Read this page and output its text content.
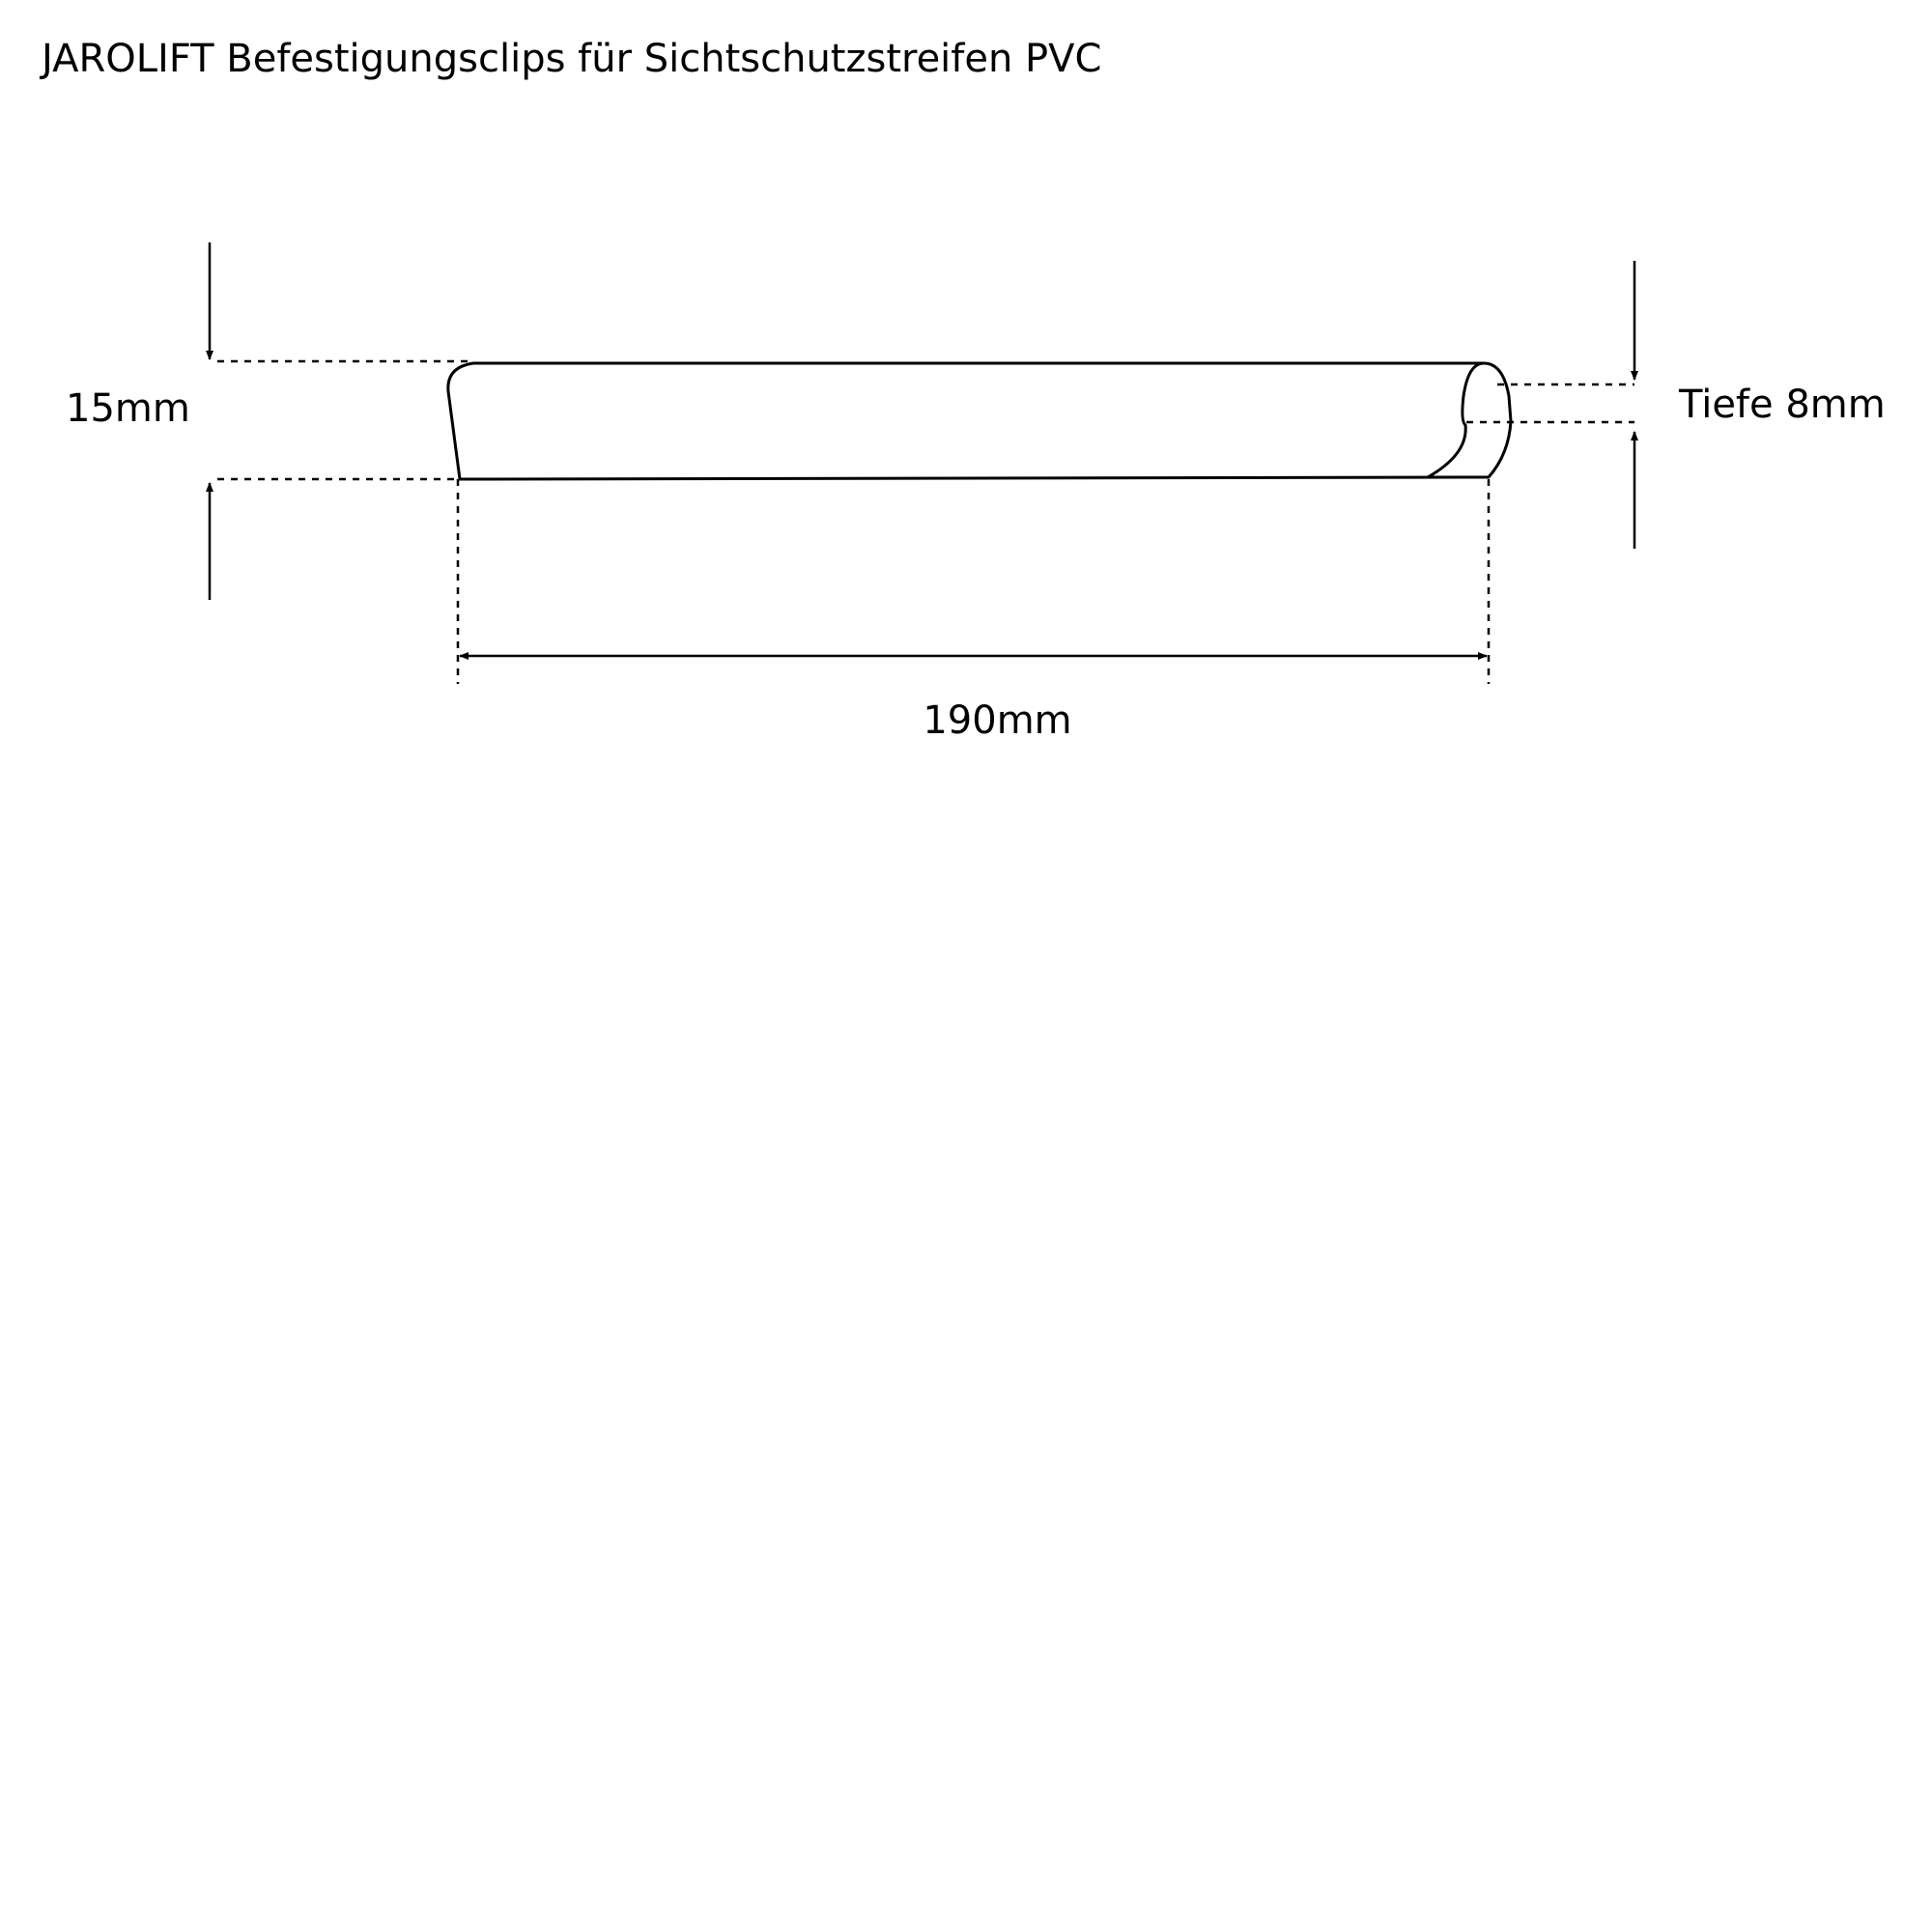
JAROLIFT Befestigungsclips für Sichtschutzstreifen PVC
15mm	Tiefe 8mm
190mm
